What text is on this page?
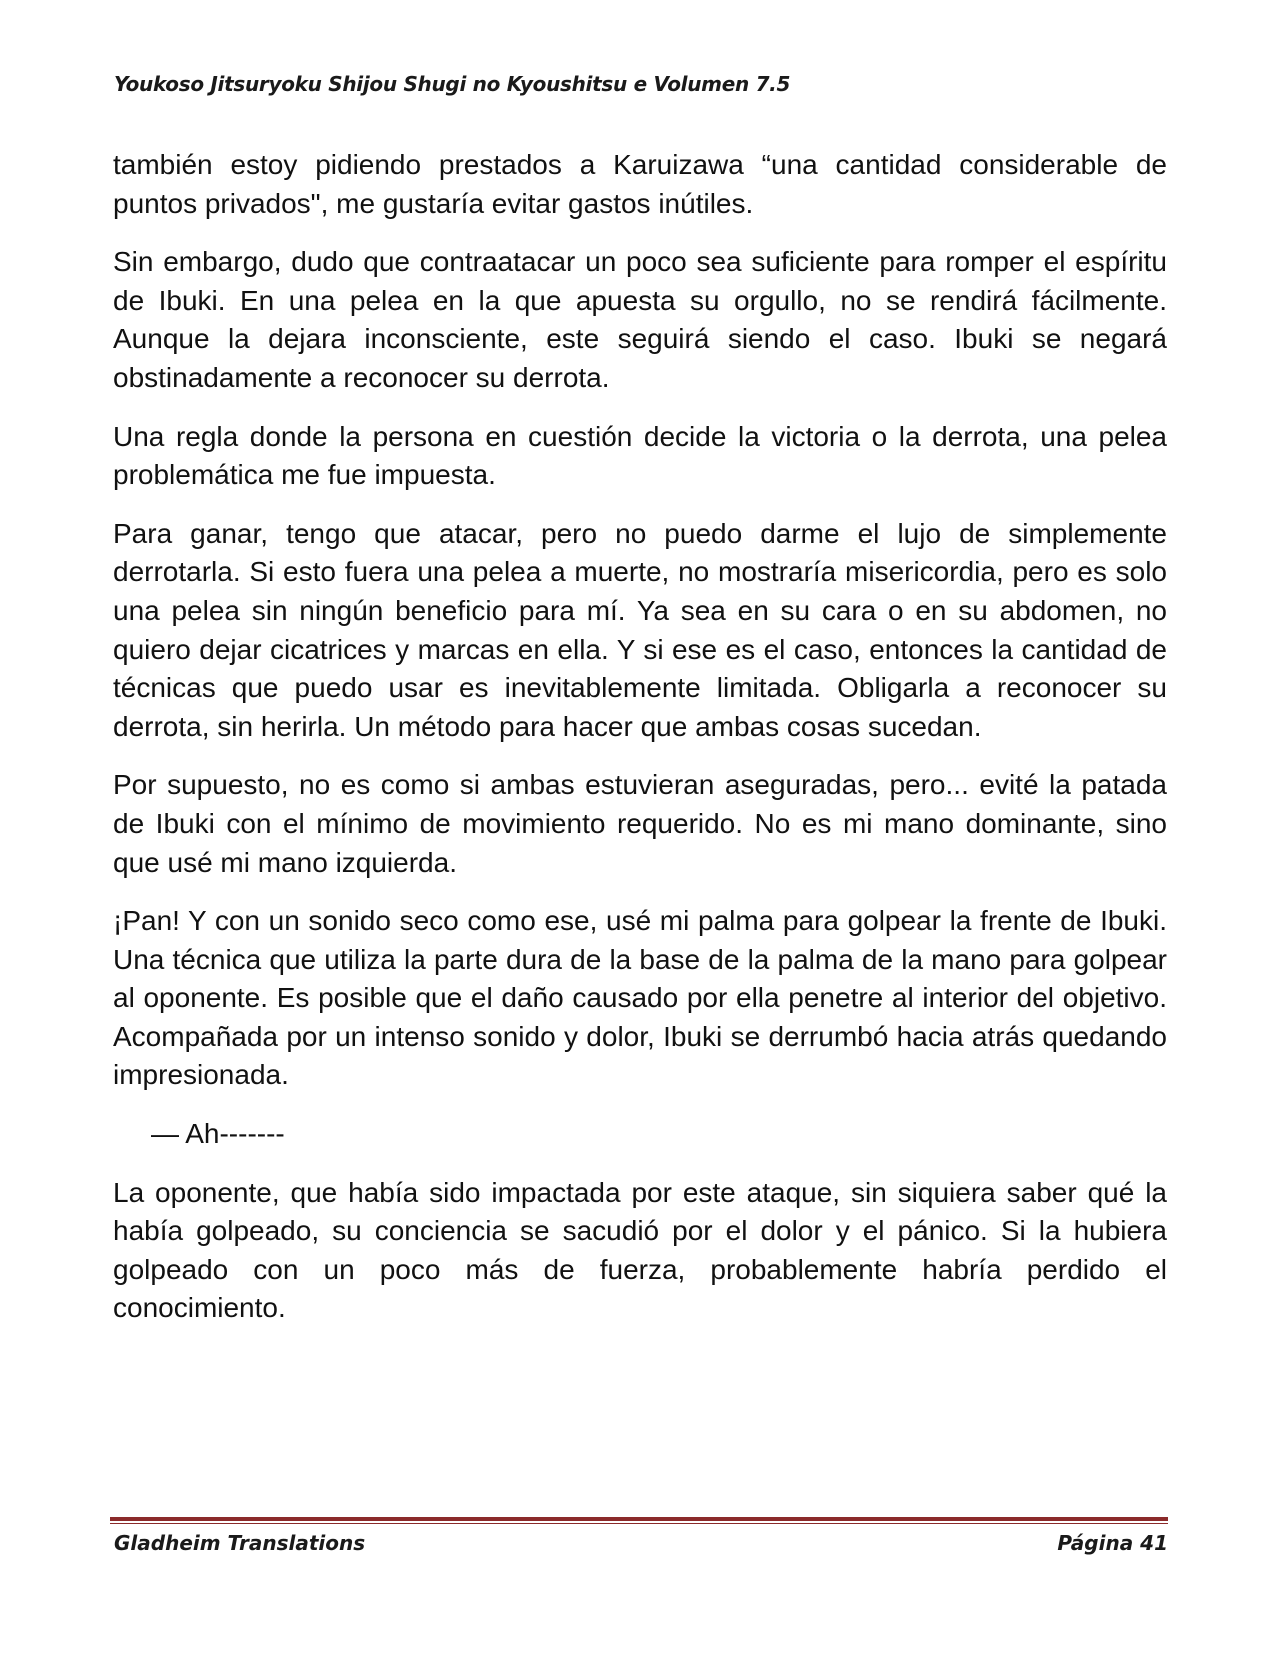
Youkoso Jitsuryoku Shijou Shugi no Kyoushitsu e Volumen 7.5

también estoy pidiendo prestados a Karuizawa “una cantidad considerable de puntos privados", me gustaría evitar gastos inútiles.

Sin embargo, dudo que contraatacar un poco sea suficiente para romper el espíritu de Ibuki. En una pelea en la que apuesta su orgullo, no se rendirá fácilmente. Aunque la dejara inconsciente, este seguirá siendo el caso. Ibuki se negará obstinadamente a reconocer su derrota.

Una regla donde la persona en cuestión decide la victoria o la derrota, una pelea problemática me fue impuesta.

Para ganar, tengo que atacar, pero no puedo darme el lujo de simplemente derrotarla. Si esto fuera una pelea a muerte, no mostraría misericordia, pero es solo una pelea sin ningún beneficio para mí. Ya sea en su cara o en su abdomen, no quiero dejar cicatrices y marcas en ella. Y si ese es el caso, entonces la cantidad de técnicas que puedo usar es inevitablemente limitada. Obligarla a reconocer su derrota, sin herirla. Un método para hacer que ambas cosas sucedan.

Por supuesto, no es como si ambas estuvieran aseguradas, pero... evité la patada de Ibuki con el mínimo de movimiento requerido. No es mi mano dominante, sino que usé mi mano izquierda.

¡Pan! Y con un sonido seco como ese, usé mi palma para golpear la frente de Ibuki. Una técnica que utiliza la parte dura de la base de la palma de la mano para golpear al oponente. Es posible que el daño causado por ella penetre al interior del objetivo. Acompañada por un intenso sonido y dolor, Ibuki se derrumbó hacia atrás quedando impresionada.

— Ah-------

La oponente, que había sido impactada por este ataque, sin siquiera saber qué la había golpeado, su conciencia se sacudió por el dolor y el pánico. Si la hubiera golpeado con un poco más de fuerza, probablemente habría perdido el conocimiento.

Gladheim Translations	Página 41
